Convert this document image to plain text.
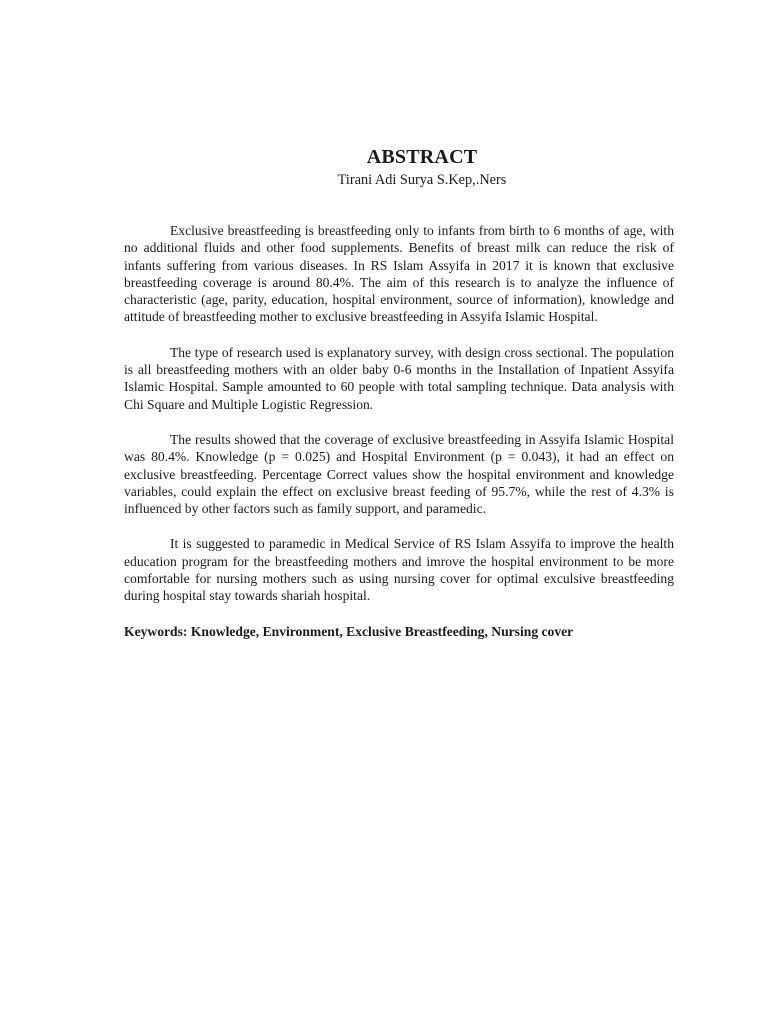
ABSTRACT
Tirani Adi Surya S.Kep,.Ners

Exclusive breastfeeding is breastfeeding only to infants from birth to 6 months of age, with no additional fluids and other food supplements. Benefits of breast milk can reduce the risk of infants suffering from various diseases. In RS Islam Assyifa in 2017 it is known that exclusive breastfeeding coverage is around 80.4%. The aim of this research is to analyze the influence of characteristic (age, parity, education, hospital environment, source of information), knowledge and attitude of breastfeeding mother to exclusive breastfeeding in Assyifa Islamic Hospital.

The type of research used is explanatory survey, with design cross sectional. The population is all breastfeeding mothers with an older baby 0-6 months in the Installation of Inpatient Assyifa Islamic Hospital. Sample amounted to 60 people with total sampling technique. Data analysis with Chi Square and Multiple Logistic Regression.

The results showed that the coverage of exclusive breastfeeding in Assyifa Islamic Hospital was 80.4%. Knowledge (p = 0.025) and Hospital Environment (p = 0.043), it had an effect on exclusive breastfeeding. Percentage Correct values show the hospital environment and knowledge variables, could explain the effect on exclusive breast feeding of 95.7%, while the rest of 4.3% is influenced by other factors such as family support, and paramedic.

It is suggested to paramedic in Medical Service of RS Islam Assyifa to improve the health education program for the breastfeeding mothers and imrove the hospital environment to be more comfortable for nursing mothers such as using nursing cover for optimal exculsive breastfeeding during hospital stay towards shariah hospital.

Keywords: Knowledge, Environment, Exclusive Breastfeeding, Nursing cover
